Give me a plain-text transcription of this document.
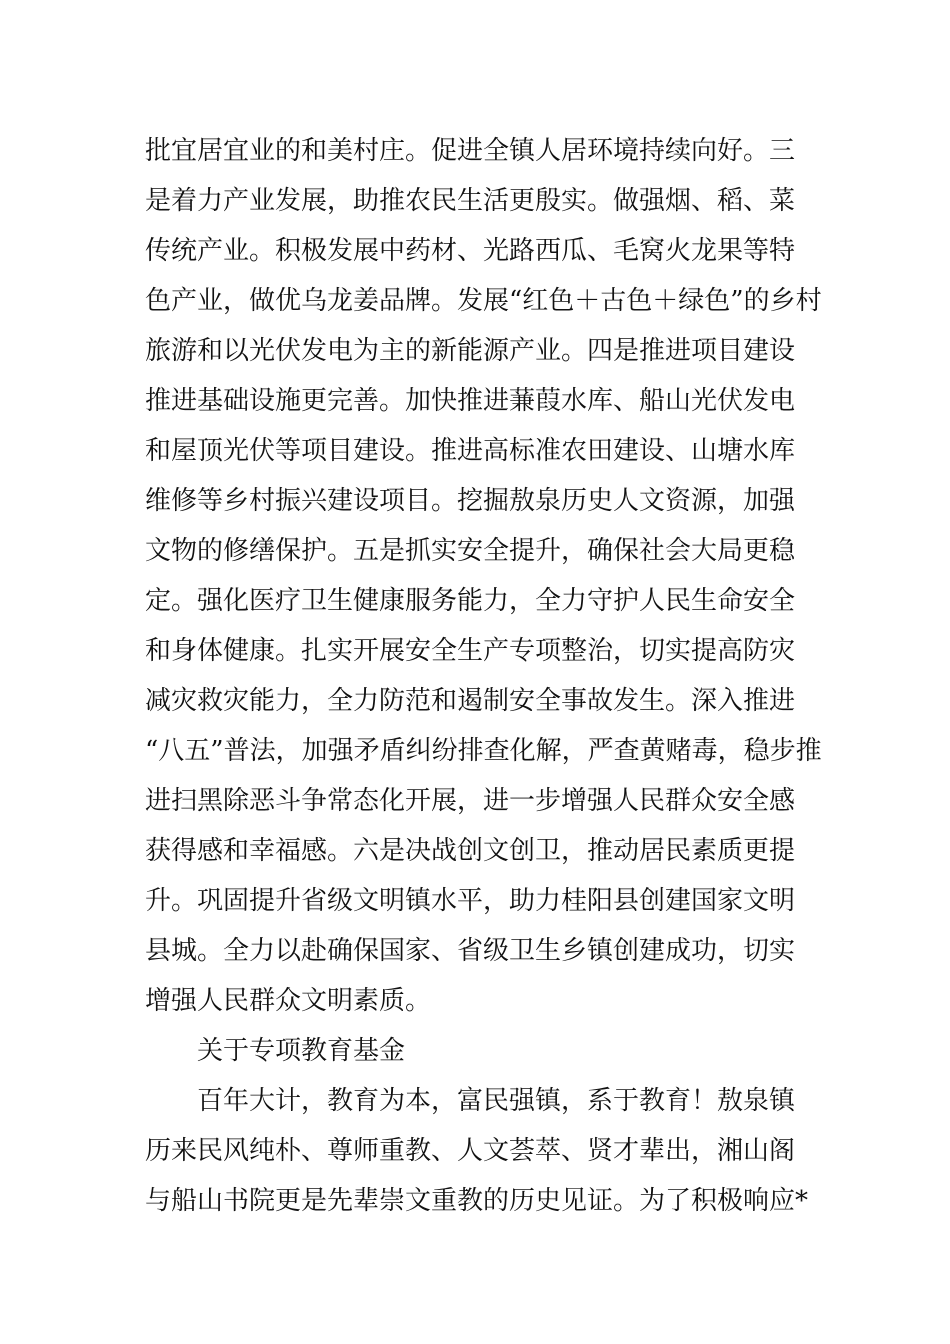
批宜居宜业的和美村庄。促进全镇人居环境持续向好。三
是着力产业发展，助推农民生活更殷实。做强烟、稻、菜
传统产业。积极发展中药材、光路西瓜、毛窝火龙果等特
色产业，做优乌龙姜品牌。发展“红色＋古色＋绿色”的乡村
旅游和以光伏发电为主的新能源产业。四是推进项目建设
推进基础设施更完善。加快推进蒹葭水库、船山光伏发电
和屋顶光伏等项目建设。推进高标准农田建设、山塘水库
维修等乡村振兴建设项目。挖掘敖泉历史人文资源，加强
文物的修缮保护。五是抓实安全提升，确保社会大局更稳
定。强化医疗卫生健康服务能力，全力守护人民生命安全
和身体健康。扎实开展安全生产专项整治，切实提高防灾
减灾救灾能力，全力防范和遏制安全事故发生。深入推进
“八五”普法，加强矛盾纠纷排查化解，严查黄赌毒，稳步推
进扫黑除恶斗争常态化开展，进一步增强人民群众安全感
获得感和幸福感。六是决战创文创卫，推动居民素质更提
升。巩固提升省级文明镇水平，助力桂阳县创建国家文明
县城。全力以赴确保国家、省级卫生乡镇创建成功，切实
增强人民群众文明素质。
关于专项教育基金
百年大计，教育为本，富民强镇，系于教育！敖泉镇
历来民风纯朴、尊师重教、人文荟萃、贤才辈出，湘山阁
与船山书院更是先辈崇文重教的历史见证。为了积极响应*
